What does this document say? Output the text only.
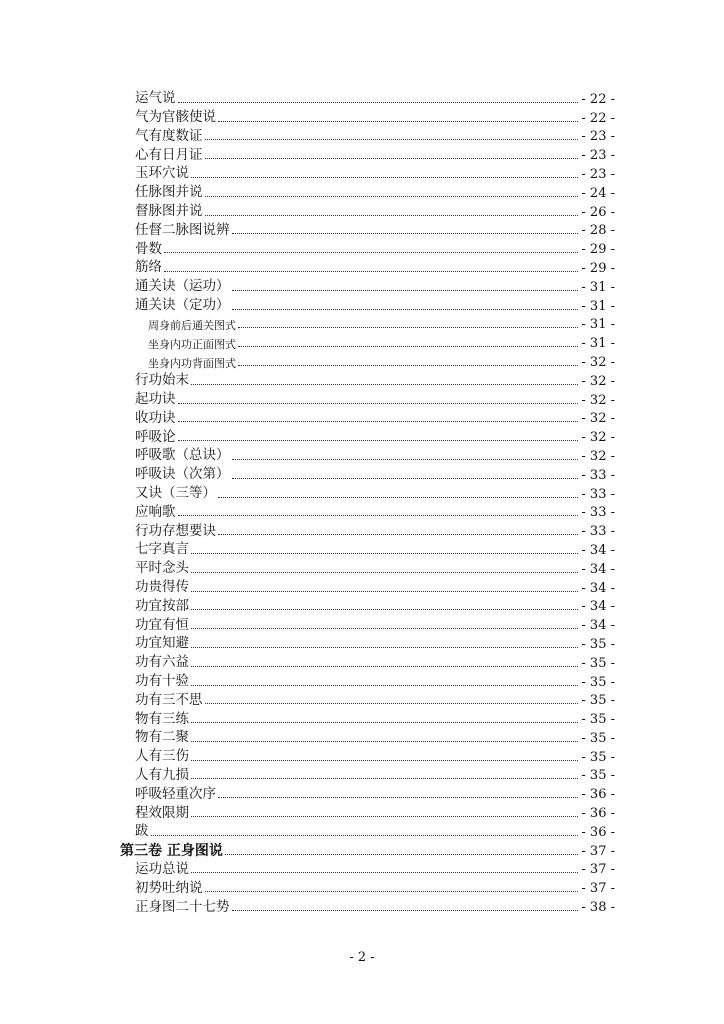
运气说	- 22 -
气为官骸使说	- 22 -
气有度数证	- 23 -
心有日月证	- 23 -
玉环穴说	- 23 -
任脉图并说	- 24 -
督脉图并说	- 26 -
任督二脉图说辨	- 28 -
骨数	- 29 -
筋络	- 29 -
通关诀（运功）	- 31 -
通关诀（定功）	- 31 -
周身前后通关图式	- 31 -
坐身内功正面图式	- 31 -
坐身内功背面图式	- 32 -
行功始末	- 32 -
起功诀	- 32 -
收功诀	- 32 -
呼吸论	- 32 -
呼吸歌（总诀）	- 32 -
呼吸诀（次第）	- 33 -
又诀（三等）	- 33 -
应响歌	- 33 -
行功存想要诀	- 33 -
七字真言	- 34 -
平时念头	- 34 -
功贵得传	- 34 -
功宜按部	- 34 -
功宜有恒	- 34 -
功宜知避	- 35 -
功有六益	- 35 -
功有十验	- 35 -
功有三不思	- 35 -
物有三练	- 35 -
物有二聚	- 35 -
人有三伤	- 35 -
人有九损	- 35 -
呼吸轻重次序	- 36 -
程效限期	- 36 -
跋	- 36 -
第三卷 正身图说	- 37 -
运功总说	- 37 -
初势吐纳说	- 37 -
正身图二十七势	- 38 -
- 2 -
